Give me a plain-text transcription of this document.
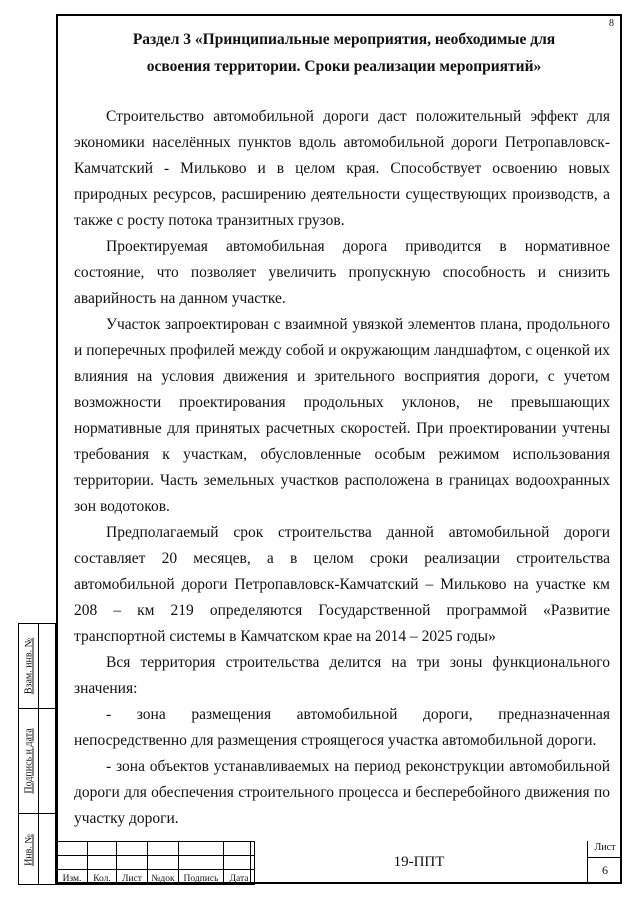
8
Взам. инв. №
Подпись и дата
Инв. №
Раздел 3 «Принципиальные мероприятия, необходимые для
освоения территории. Сроки реализации мероприятий»

Строительство автомобильной дороги даст положительный эффект для экономики населённых пунктов вдоль автомобильной дороги Петропавловск-Камчатский - Мильково и в целом края. Способствует освоению новых природных ресурсов, расширению деятельности существующих производств, а также с росту потока транзитных грузов.

Проектируемая автомобильная дорога приводится в нормативное состояние, что позволяет увеличить пропускную способность и снизить аварийность на данном участке.

Участок запроектирован с взаимной увязкой элементов плана, продольного и поперечных профилей между собой и окружающим ландшафтом, с оценкой их влияния на условия движения и зрительного восприятия дороги, с учетом возможности проектирования продольных уклонов, не превышающих нормативные для принятых расчетных скоростей. При проектировании учтены требования к участкам, обусловленные особым режимом использования территории. Часть земельных участков расположена в границах водоохранных зон водотоков.

Предполагаемый срок строительства данной автомобильной дороги составляет 20 месяцев, а в целом сроки реализации строительства автомобильной дороги Петропавловск-Камчатский – Мильково на участке км 208 – км 219 определяются Государственной программой «Развитие транспортной системы в Камчатском крае на 2014 – 2025 годы»

Вся территория строительства делится на три зоны функционального значения:

- зона размещения автомобильной дороги, предназначенная непосредственно для размещения строящегося участка автомобильной дороги.

- зона объектов устанавливаемых на период реконструкции автомобильной дороги для обеспечения строительного процесса и бесперебойного движения по участку дороги.

Изм.	Кол.	Лист	№док	Подпись	Дата
19-ППТ
Лист
6
